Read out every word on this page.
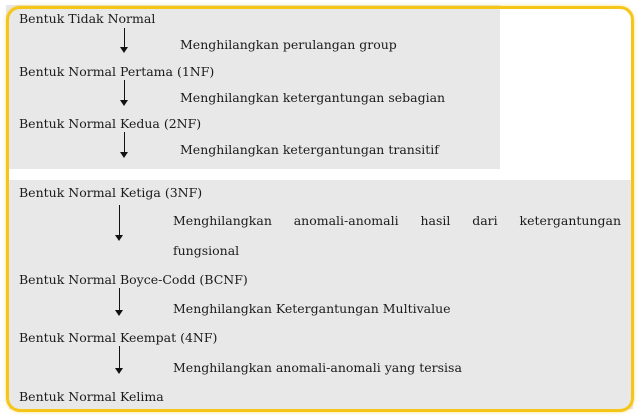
Bentuk Tidak Normal
Menghilangkan perulangan group
Bentuk Normal Pertama (1NF)
Menghilangkan ketergantungan sebagian
Bentuk Normal Kedua (2NF)
Menghilangkan ketergantungan transitif
Bentuk Normal Ketiga (3NF)
Menghilangkan anomali-anomali hasil dari ketergantungan
fungsional
Bentuk Normal Boyce-Codd (BCNF)
Menghilangkan Ketergantungan Multivalue
Bentuk Normal Keempat (4NF)
Menghilangkan anomali-anomali yang tersisa
Bentuk Normal Kelima
